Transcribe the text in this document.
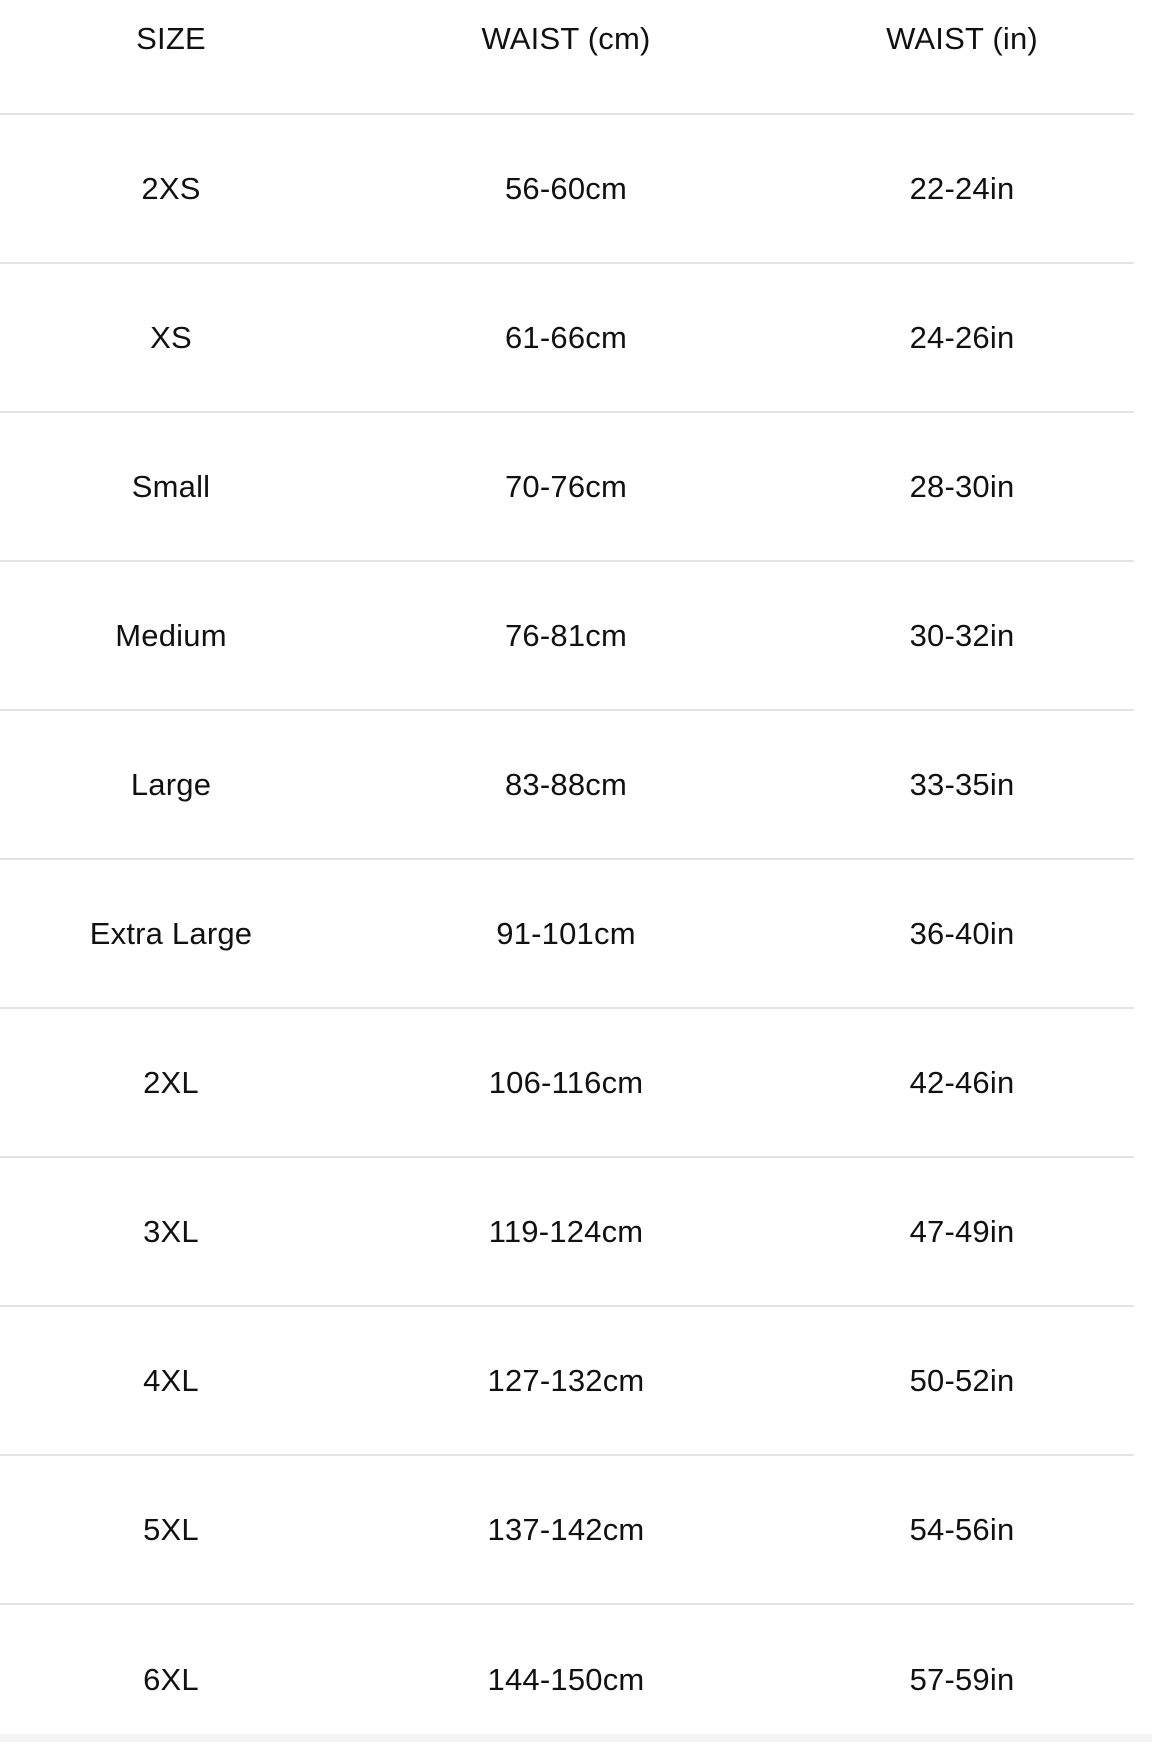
SIZE	WAIST (cm)	WAIST (in)
2XS	56-60cm	22-24in
XS	61-66cm	24-26in
Small	70-76cm	28-30in
Medium	76-81cm	30-32in
Large	83-88cm	33-35in
Extra Large	91-101cm	36-40in
2XL	106-116cm	42-46in
3XL	119-124cm	47-49in
4XL	127-132cm	50-52in
5XL	137-142cm	54-56in
6XL	144-150cm	57-59in
